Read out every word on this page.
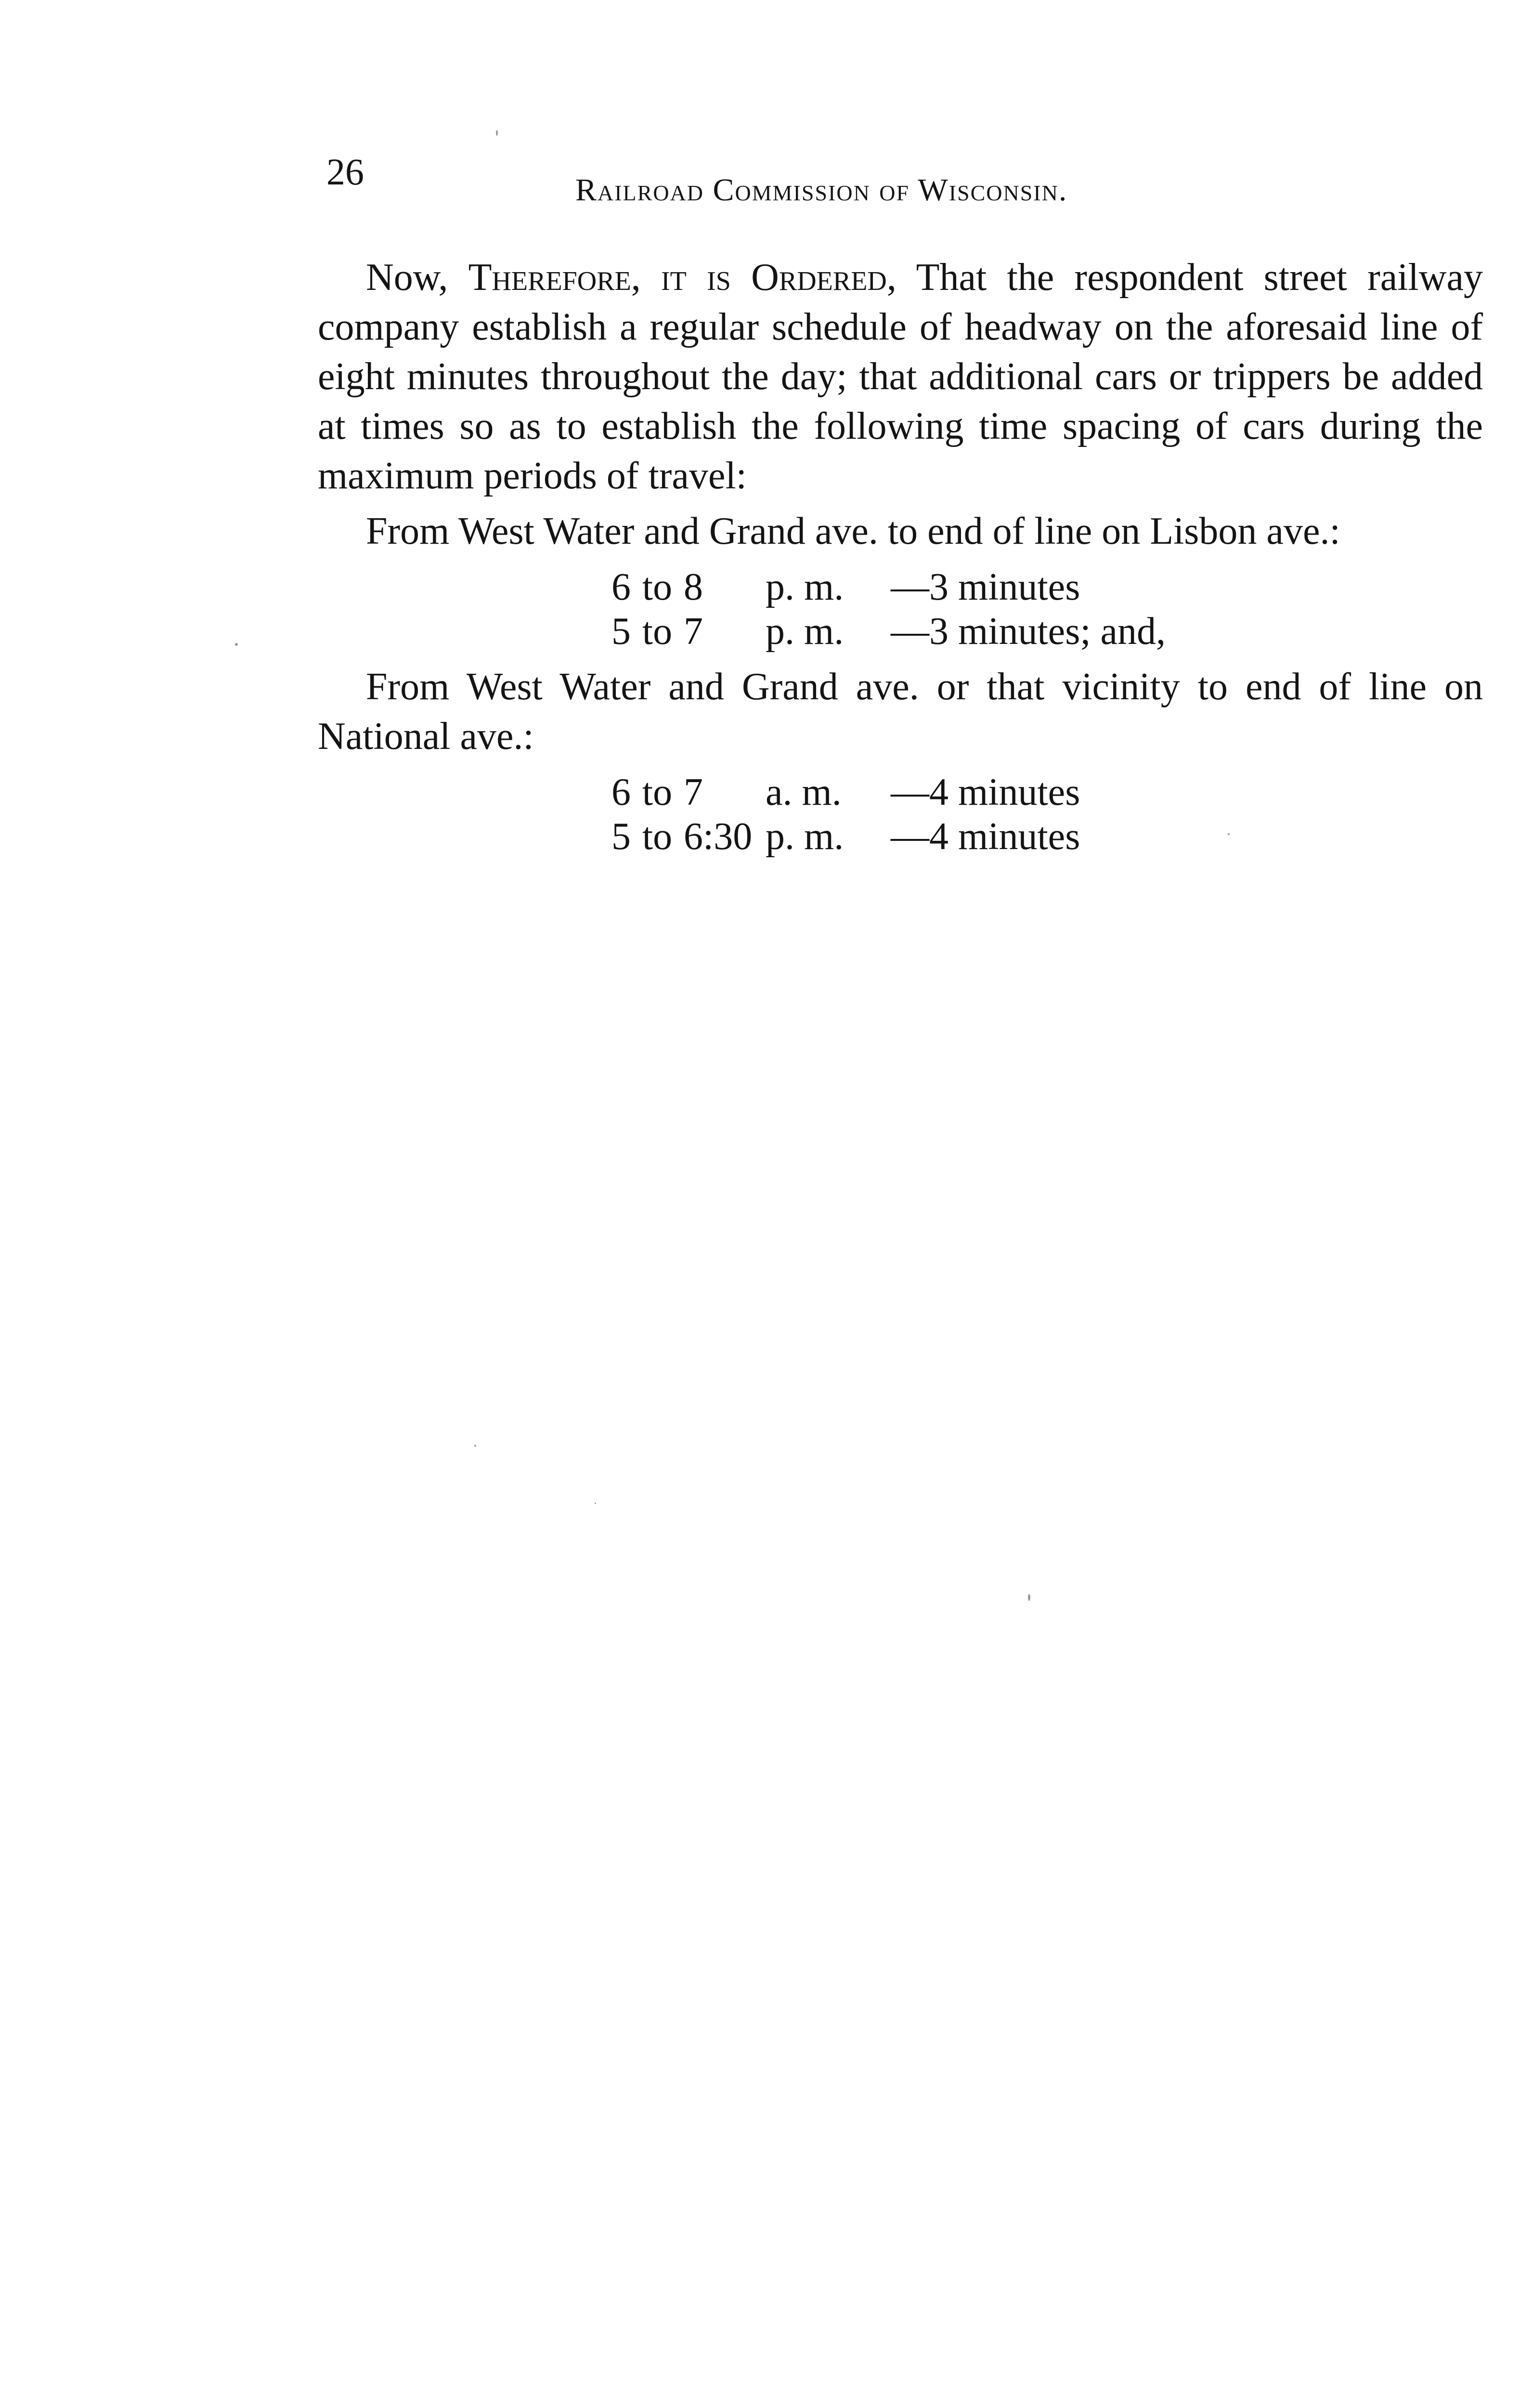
26	Railroad Commission of Wisconsin.

Now, Therefore, it is Ordered, That the respondent street railway company establish a regular schedule of headway on the aforesaid line of eight minutes throughout the day; that additional cars or trippers be added at times so as to establish the following time spacing of cars during the maximum periods of travel:

From West Water and Grand ave. to end of line on Lisbon ave.:

6 to 8	p. m.	—3 minutes
5 to 7	p. m.	—3 minutes; and,

From West Water and Grand ave. or that vicinity to end of line on National ave.:

6 to 7	a. m.	—4 minutes
5 to 6:30 p. m.	—4 minutes
